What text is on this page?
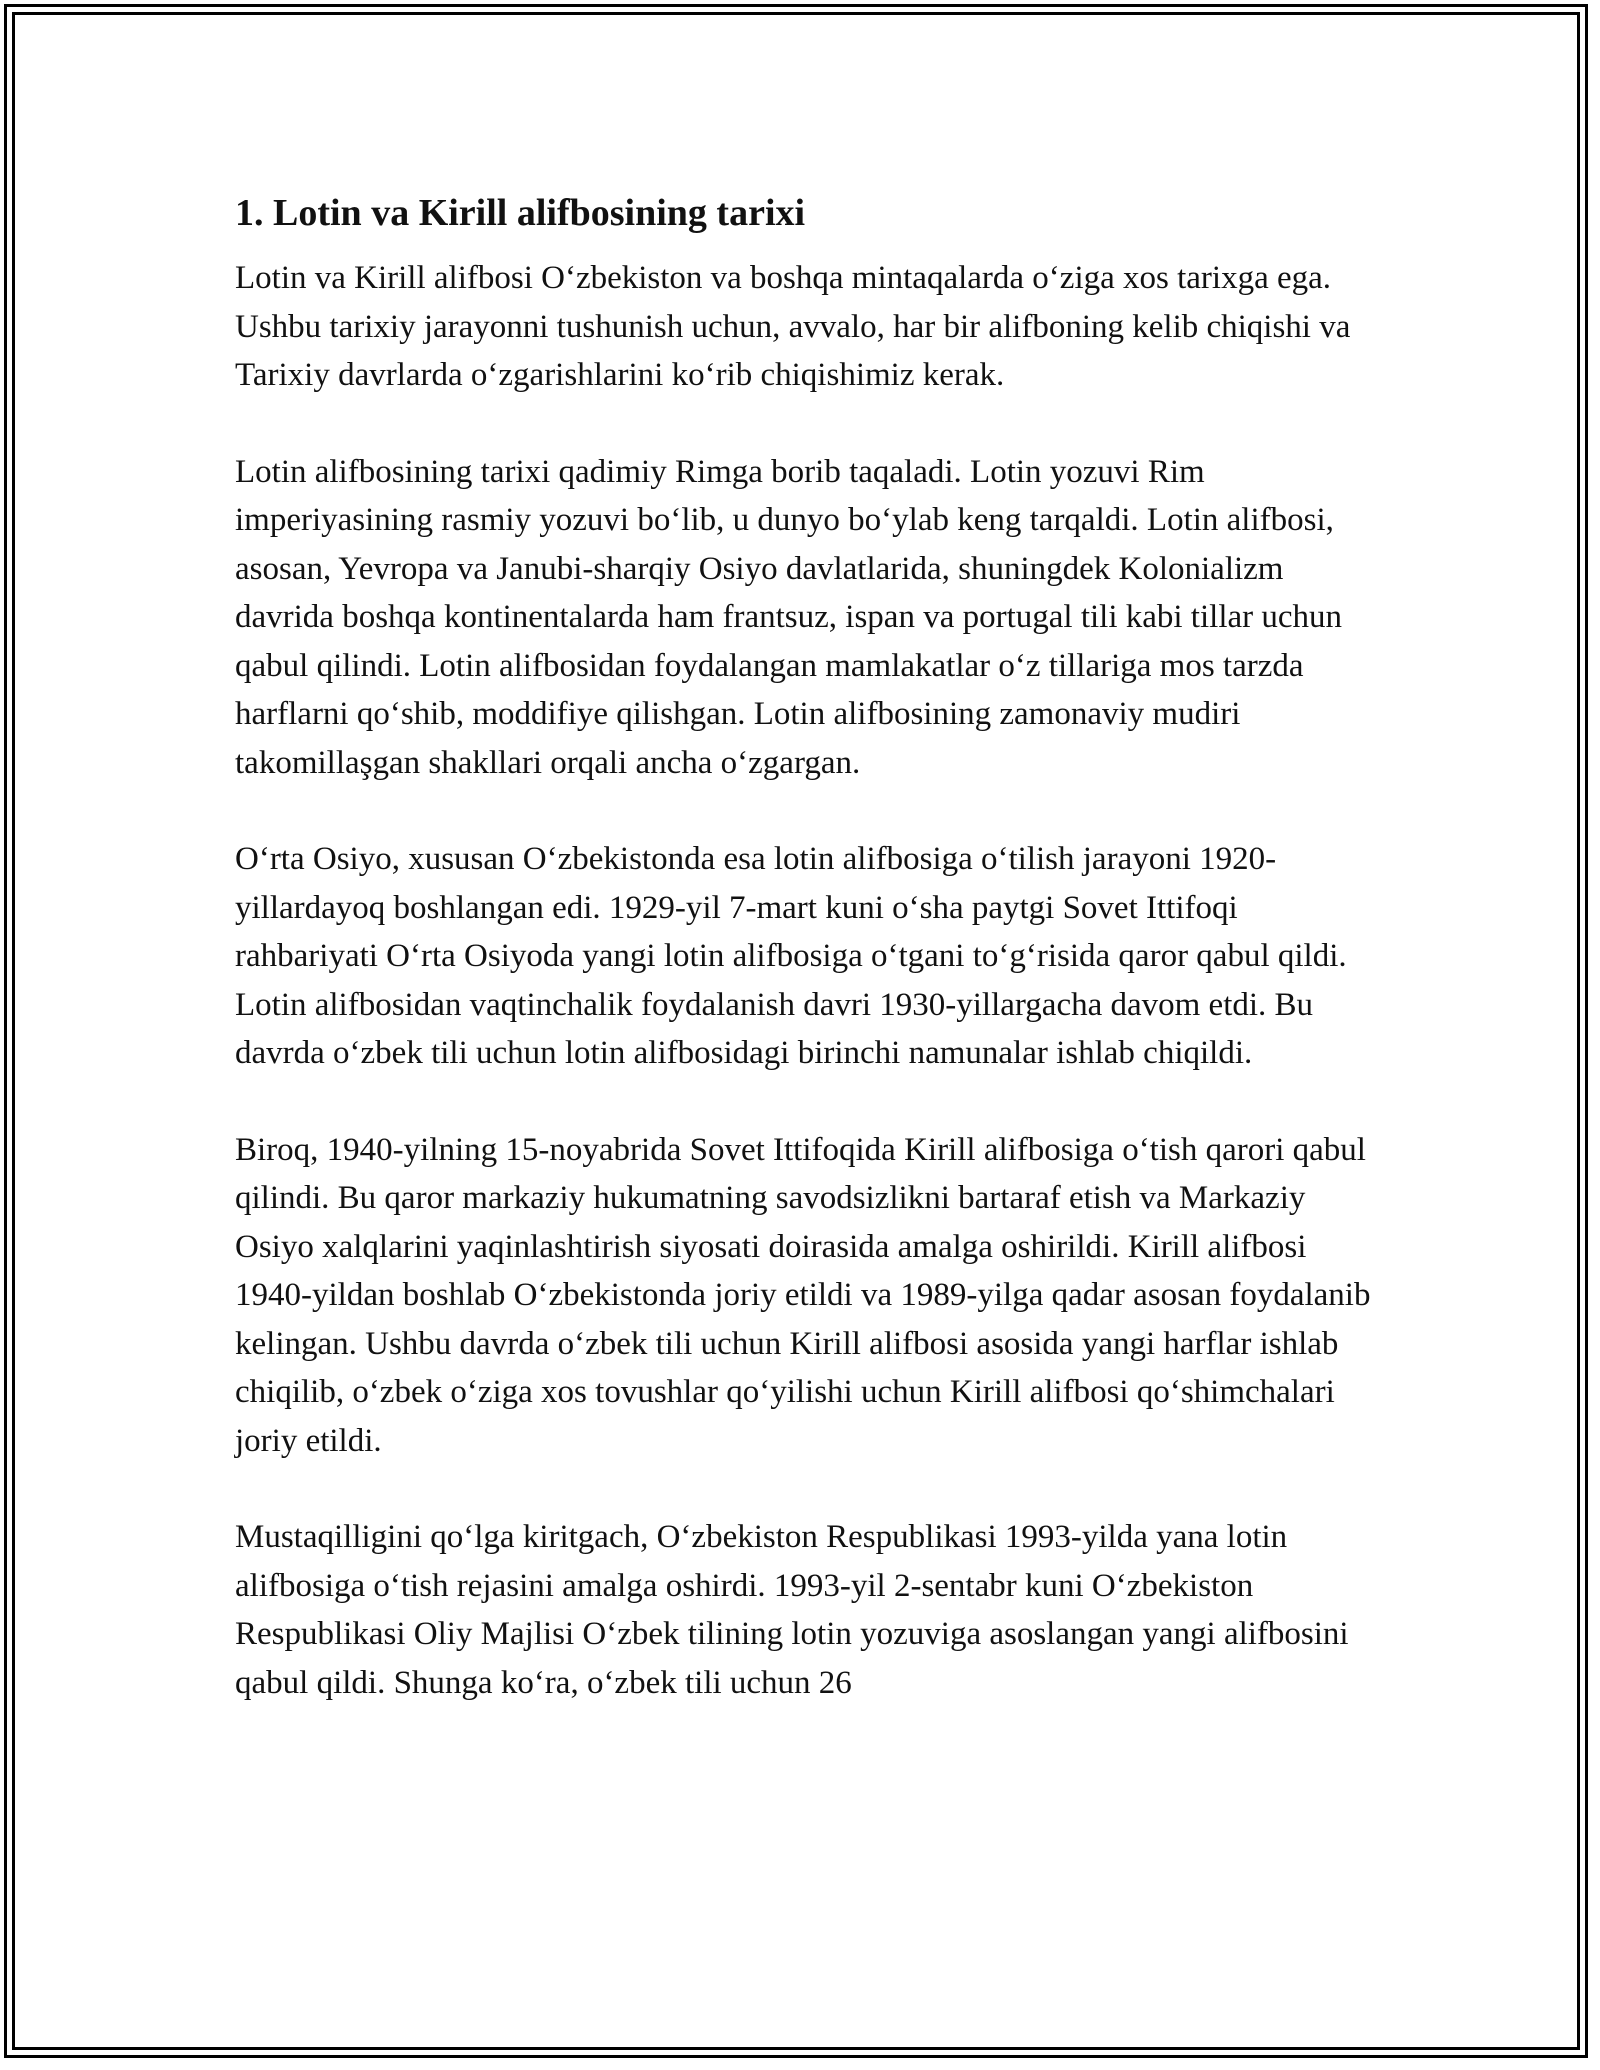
1. Lotin va Kirill alifbosining tarixi

Lotin va Kirill alifbosi O‘zbekiston va boshqa mintaqalarda o‘ziga xos tarixga ega. Ushbu tarixiy jarayonni tushunish uchun, avvalo, har bir alifboning kelib chiqishi va Tarixiy davrlarda o‘zgarishlarini ko‘rib chiqishimiz kerak.

Lotin alifbosining tarixi qadimiy Rimga borib taqaladi. Lotin yozuvi Rim imperiyasining rasmiy yozuvi bo‘lib, u dunyo bo‘ylab keng tarqaldi. Lotin alifbosi, asosan, Yevropa va Janubi-sharqiy Osiyo davlatlarida, shuningdek Kolonializm davrida boshqa kontinentalarda ham frantsuz, ispan va portugal tili kabi tillar uchun qabul qilindi. Lotin alifbosidan foydalangan mamlakatlar o‘z tillariga mos tarzda harflarni qo‘shib, moddifiye qilishgan. Lotin alifbosining zamonaviy mudiri takomillaşgan shakllari orqali ancha o‘zgargan.

O‘rta Osiyo, xususan O‘zbekistonda esa lotin alifbosiga o‘tilish jarayoni 1920-yillardayoq boshlangan edi. 1929-yil 7-mart kuni o‘sha paytgi Sovet Ittifoqi rahbariyati O‘rta Osiyoda yangi lotin alifbosiga o‘tgani to‘g‘risida qaror qabul qildi. Lotin alifbosidan vaqtinchalik foydalanish davri 1930-yillargacha davom etdi. Bu davrda o‘zbek tili uchun lotin alifbosidagi birinchi namunalar ishlab chiqildi.

Biroq, 1940-yilning 15-noyabrida Sovet Ittifoqida Kirill alifbosiga o‘tish qarori qabul qilindi. Bu qaror markaziy hukumatning savodsizlikni bartaraf etish va Markaziy Osiyo xalqlarini yaqinlashtirish siyosati doirasida amalga oshirildi. Kirill alifbosi 1940-yildan boshlab O‘zbekistonda joriy etildi va 1989-yilga qadar asosan foydalanib kelingan. Ushbu davrda o‘zbek tili uchun Kirill alifbosi asosida yangi harflar ishlab chiqilib, o‘zbek o‘ziga xos tovushlar qo‘yilishi uchun Kirill alifbosi qo‘shimchalari joriy etildi.

Mustaqilligini qo‘lga kiritgach, O‘zbekiston Respublikasi 1993-yilda yana lotin alifbosiga o‘tish rejasini amalga oshirdi. 1993-yil 2-sentabr kuni O‘zbekiston Respublikasi Oliy Majlisi O‘zbek tilining lotin yozuviga asoslangan yangi alifbosini qabul qildi. Shunga ko‘ra, o‘zbek tili uchun 26
